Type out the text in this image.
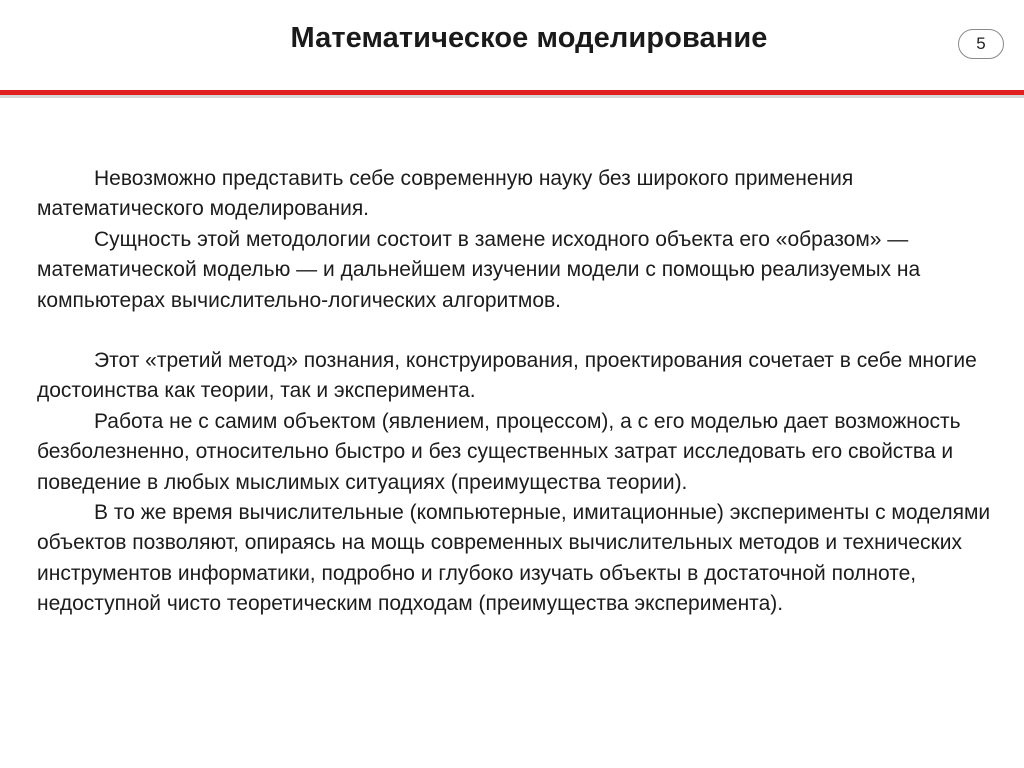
Математическое моделирование	5

Невозможно представить себе современную науку без широкого применения математического моделирования.

Сущность этой методологии состоит в замене исходного объекта его «образом» — математической моделью — и дальнейшем изучении модели с помощью реализуемых на компьютерах вычислительно-логических алгоритмов.

Этот «третий метод» познания, конструирования, проектирования сочетает в себе многие достоинства как теории, так и эксперимента.

Работа не с самим объектом (явлением, процессом), а с его моделью дает возможность безболезненно, относительно быстро и без существенных затрат исследовать его свойства и поведение в любых мыслимых ситуациях (преимущества теории).

В то же время вычислительные (компьютерные, имитационные) эксперименты с моделями объектов позволяют, опираясь на мощь современных вычислительных методов и технических инструментов информатики, подробно и глубоко изучать объекты в достаточной полноте, недоступной чисто теоретическим подходам (преимущества эксперимента).
